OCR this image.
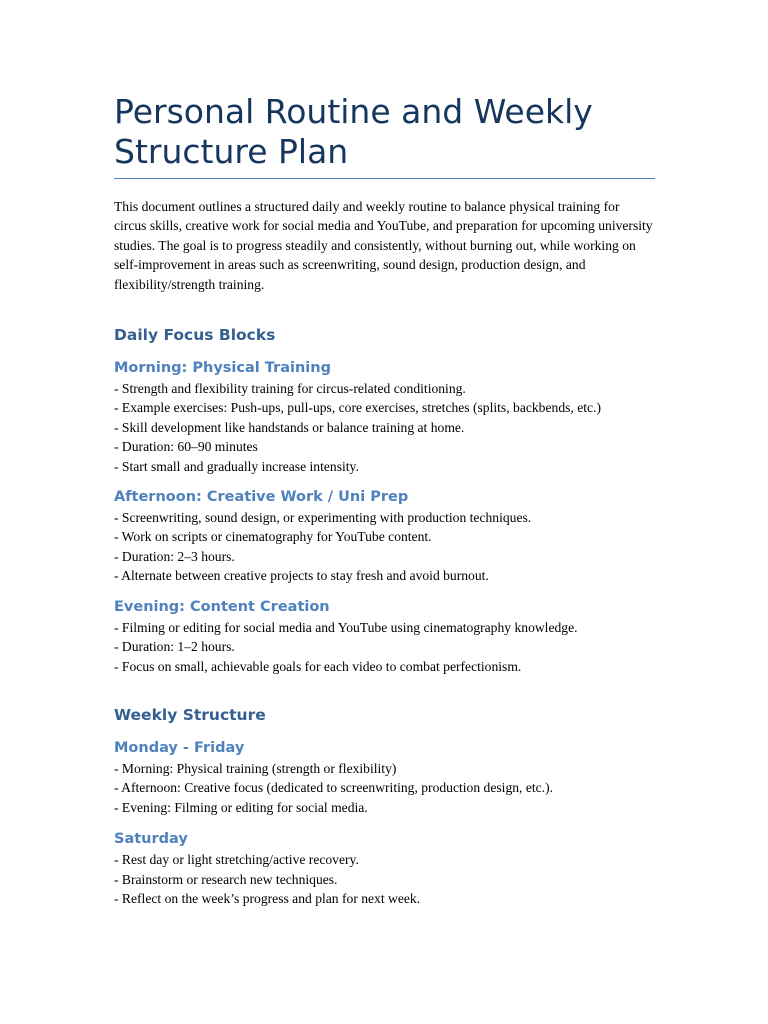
Personal Routine and Weekly Structure Plan

This document outlines a structured daily and weekly routine to balance physical training for circus skills, creative work for social media and YouTube, and preparation for upcoming university studies. The goal is to progress steadily and consistently, without burning out, while working on self-improvement in areas such as screenwriting, sound design, production design, and flexibility/strength training.

Daily Focus Blocks
Morning: Physical Training
- Strength and flexibility training for circus-related conditioning.
- Example exercises: Push-ups, pull-ups, core exercises, stretches (splits, backbends, etc.)
- Skill development like handstands or balance training at home.
- Duration: 60–90 minutes
- Start small and gradually increase intensity.
Afternoon: Creative Work / Uni Prep
- Screenwriting, sound design, or experimenting with production techniques.
- Work on scripts or cinematography for YouTube content.
- Duration: 2–3 hours.
- Alternate between creative projects to stay fresh and avoid burnout.
Evening: Content Creation
- Filming or editing for social media and YouTube using cinematography knowledge.
- Duration: 1–2 hours.
- Focus on small, achievable goals for each video to combat perfectionism.
Weekly Structure
Monday - Friday
- Morning: Physical training (strength or flexibility)
- Afternoon: Creative focus (dedicated to screenwriting, production design, etc.).
- Evening: Filming or editing for social media.
Saturday
- Rest day or light stretching/active recovery.
- Brainstorm or research new techniques.
- Reflect on the week’s progress and plan for next week.
